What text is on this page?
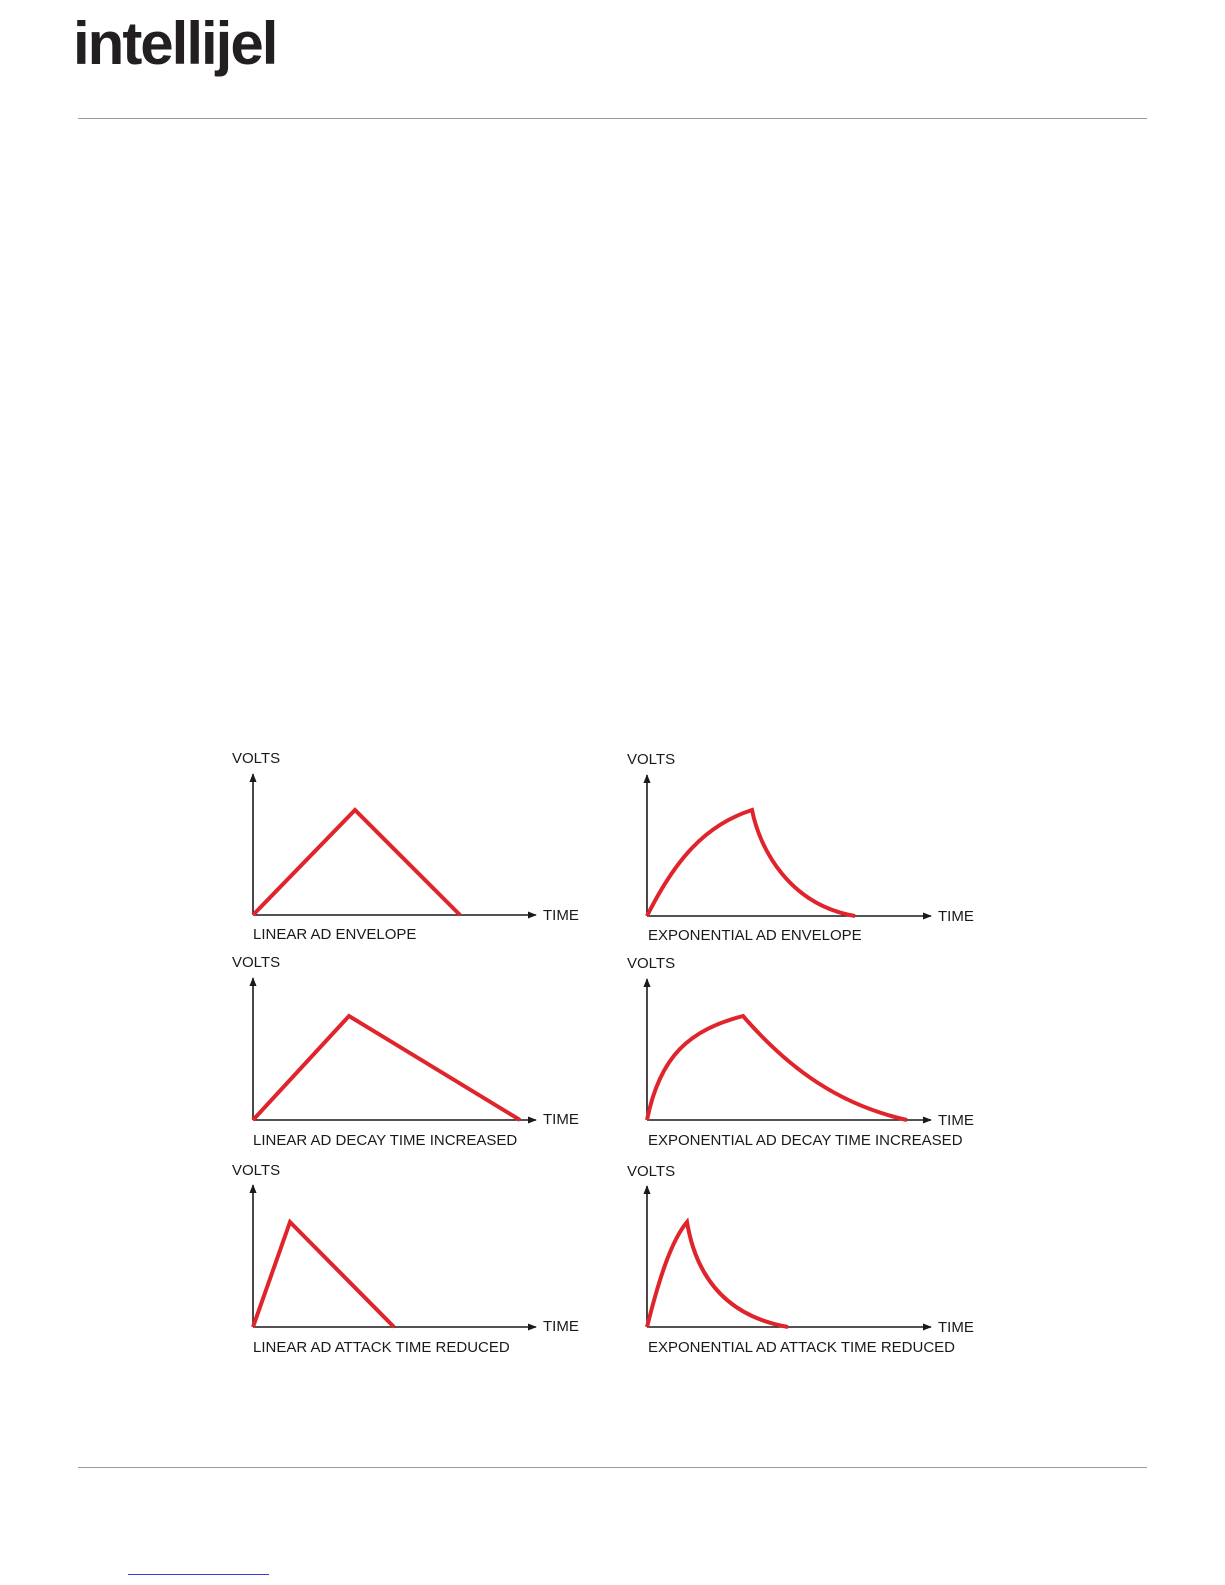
intellijel
VOLTS
TIME
LINEAR AD ENVELOPE
VOLTS
TIME
EXPONENTIAL AD ENVELOPE
VOLTS
TIME
LINEAR AD DECAY TIME INCREASED
VOLTS
TIME
EXPONENTIAL AD DECAY TIME INCREASED
VOLTS
TIME
LINEAR AD ATTACK TIME REDUCED
VOLTS
TIME
EXPONENTIAL AD ATTACK TIME REDUCED
